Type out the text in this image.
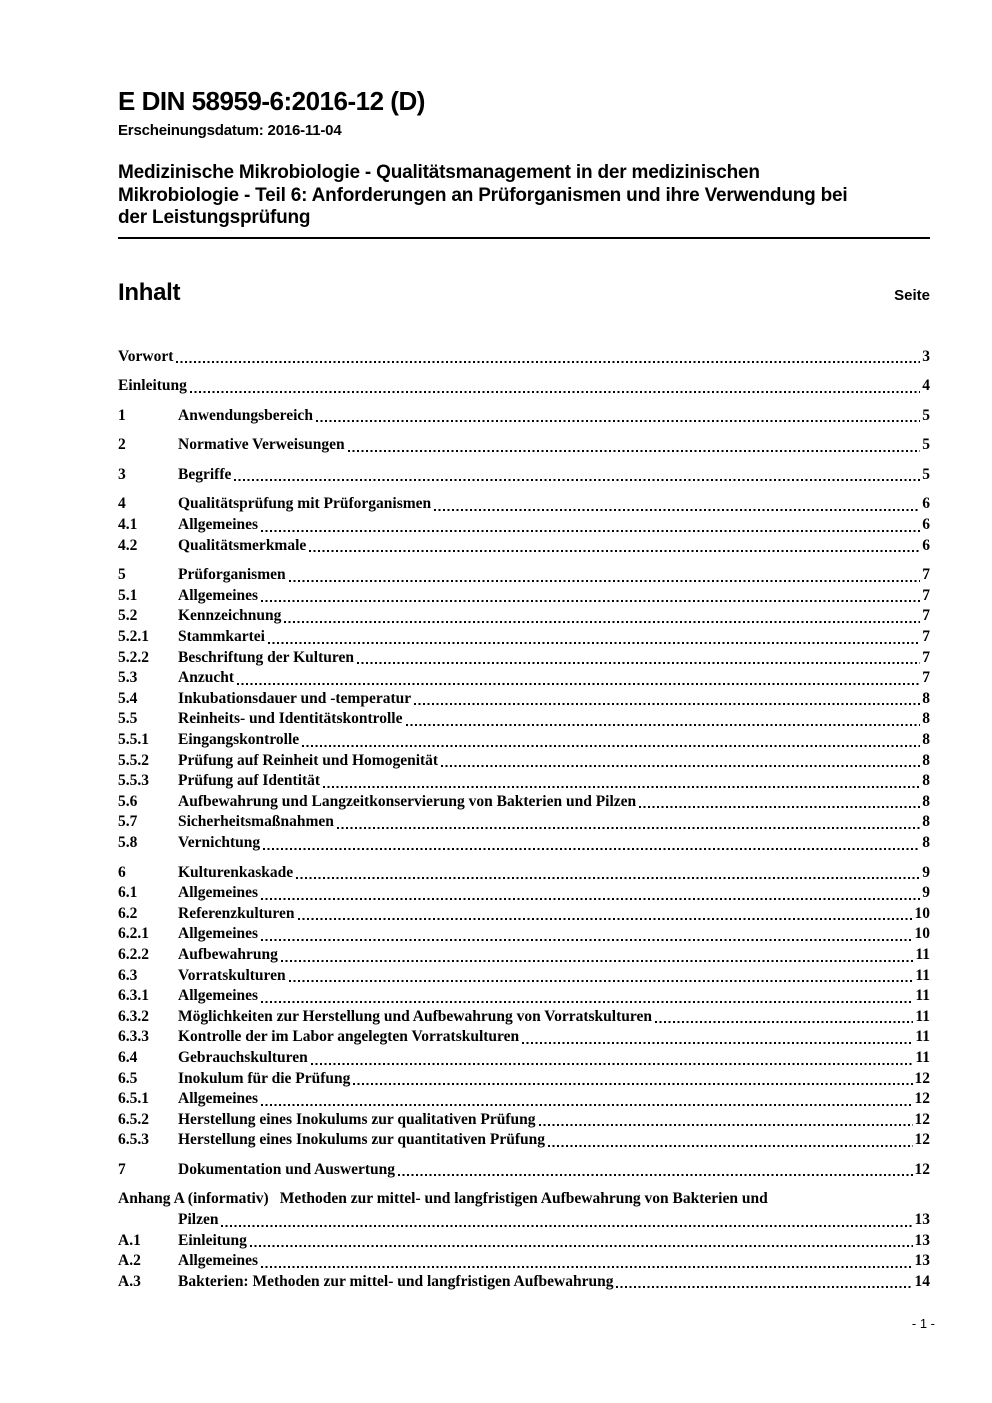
E DIN 58959-6:2016-12 (D)
Erscheinungsdatum: 2016-11-04
Medizinische Mikrobiologie - Qualitätsmanagement in der medizinischen
Mikrobiologie - Teil 6: Anforderungen an Prüforganismen und ihre Verwendung bei
der Leistungsprüfung
Inhalt	Seite
Vorwort	3
Einleitung	4
1	Anwendungsbereich	5
2	Normative Verweisungen	5
3	Begriffe	5
4	Qualitätsprüfung mit Prüforganismen	6
4.1	Allgemeines	6
4.2	Qualitätsmerkmale	6
5	Prüforganismen	7
5.1	Allgemeines	7
5.2	Kennzeichnung	7
5.2.1	Stammkartei	7
5.2.2	Beschriftung der Kulturen	7
5.3	Anzucht	7
5.4	Inkubationsdauer und -temperatur	8
5.5	Reinheits- und Identitätskontrolle	8
5.5.1	Eingangskontrolle	8
5.5.2	Prüfung auf Reinheit und Homogenität	8
5.5.3	Prüfung auf Identität	8
5.6	Aufbewahrung und Langzeitkonservierung von Bakterien und Pilzen	8
5.7	Sicherheitsmaßnahmen	8
5.8	Vernichtung	8
6	Kulturenkaskade	9
6.1	Allgemeines	9
6.2	Referenzkulturen	10
6.2.1	Allgemeines	10
6.2.2	Aufbewahrung	11
6.3	Vorratskulturen	11
6.3.1	Allgemeines	11
6.3.2	Möglichkeiten zur Herstellung und Aufbewahrung von Vorratskulturen	11
6.3.3	Kontrolle der im Labor angelegten Vorratskulturen	11
6.4	Gebrauchskulturen	11
6.5	Inokulum für die Prüfung	12
6.5.1	Allgemeines	12
6.5.2	Herstellung eines Inokulums zur qualitativen Prüfung	12
6.5.3	Herstellung eines Inokulums zur quantitativen Prüfung	12
7	Dokumentation und Auswertung	12
Anhang A (informativ) Methoden zur mittel- und langfristigen Aufbewahrung von Bakterien und
Pilzen	13
A.1	Einleitung	13
A.2	Allgemeines	13
A.3	Bakterien: Methoden zur mittel- und langfristigen Aufbewahrung	14
- 1 -
